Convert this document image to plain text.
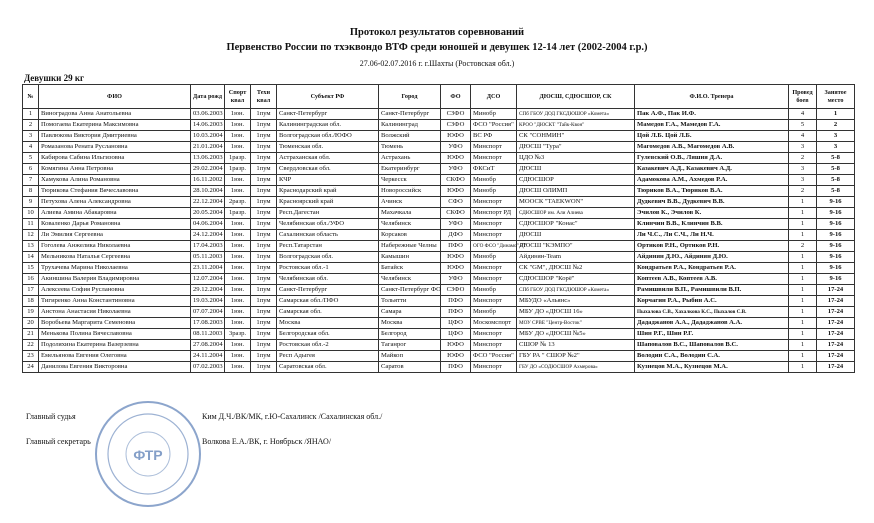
Протокол результатов соревнований
Первенство России по тхэквондо ВТФ среди юношей и девушек 12-14 лет (2002-2004 г.р.)
27.06-02.07.2016 г. г.Шахты (Ростовская обл.)
Девушки 29 кг
№	ФИО	Дата рожд	Спорт квал	Техн квал	Субъект РФ	Город	ФО	ДСО	ДЮСШ, СДЮСШОР, СК	Ф.И.О. Тренера	Провед боев	Занятое место
1	Виноградова Анна Анатольевна	03.06.2003	1юн.	1пум	Санкт-Петербург	Санкт-Петербург	СЗФО	Минобр	СПб ГБОУ ДОД ГКСДЮШОР «Комета»	Пак А.Ф., Пак И.Ф.	4	1
2	Помогаева Екатерина Максимовна	14.06.2003	1юн.	1пум	Калининградская обл.	Калининград	СЗФО	ФСО "Россия"	КРОО "ДЮСКТ "Тайк-Квон"	Мамедов Г.А., Мамедов Г.А.	5	2
3	Павлюкова Виктория Дмитриевна	10.03.2004	1юн.	1пум	Волгоградская обл./ЮФО	Волжский	ЮФО	ВС РФ	СК "СОНМИН"	Цой Л.Б. Цой Л.Б.	4	3
4	Ромазанова Рената Руслановна	21.01.2004	1юн.	1пум	Тюменская обл.	Тюмень	УФО	Минспорт	ДЮСШ "Тура"	Магомедов А.В., Магомедов А.В.	3	3
5	Кабирова Сабина Ильгизовна	13.06.2003	1разр.	1пум	Астраханская обл.	Астрахань	ЮФО	Минспорт	ЦДО №3	Гулевский О.В., Ляшня Д.А.	2	5-8
6	Комягина Анна Петровна	29.02.2004	1разр.	1пум	Свердловская обл.	Екатеринбург	УФО	ФКСиТ	ДЮСШ	Казакевич А.Д., Казакевич А.Д.	3	5-8
7	Хамукова Алина Романовна	16.11.2002	1юн.	1пум	КЧР	Черкесск	СКФО	Минобр	СДЮСШОР	Адамокова А.М., Ахмедов Р.А.	3	5-8
8	Тюрикова Стефания Вячеславовна	28.10.2004	1юн.	1пум	Краснодарский край	Новороссийск	ЮФО	Минобр	ДЮСШ ОЛИМП	Тюриков В.А., Тюриков В.А.	2	5-8
9	Петухова Алена Александровна	22.12.2004	2разр.	1пум	Красноярский край	Ачинск	СФО	Минспорт	МООСК "TAEKWON"	Дудкевич В.В., Дудкевич В.В.	1	9-16
10	Алиева Амина Абакаровна	20.05.2004	1разр.	1пум	Респ.Дагестан	Махачкала	СКФО	Минспорт РД	СДЮСШОР им. Али Алиева	Эчилов К., Эчилов К.	1	9-16
11	Коваленко Дарья Романовна	04.06.2004	1юн.	1пум	Челябинская обл./УФО	Челябинск	УФО	Минспорт	СДЮСШОР "Конас"	Клинчин В.В., Клинчин В.В.	1	9-16
12	Ли Эмилия Сергеевна	24.12.2004	1юн.	1пум	Сахалинская область	Корсаков	ДФО	Минспорт	ДЮСШ	Ли Ч.С., Ли С.Ч., Ли Н.Ч.	1	9-16
13	Гоголева Анжелика Николаевна	17.04.2003	1юн.	1пум	Респ.Татарстан	Набережные Челны	ПФО	ОГО ФСО "Динамо" РТ	ДЮСШ "КЭМПО"	Ортиков Р.Н., Ортиков Р.Н.	2	9-16
14	Мельникова Наталья Сергеевна	05.11.2003	1юн.	1пум	Волгоградская обл.	Камышин	ЮФО	Минобр	Айдинян-Team	Айдинян Д.Ю., Айдинян Д.Ю.	1	9-16
15	Трухачева Марина Николаевна	23.11.2004	1юн.	1пум	Ростовская обл.-1	Батайск	ЮФО	Минспорт	СК "GM", ДЮСШ №2	Кондратьев Р.А., Кондратьев Р.А.	1	9-16
16	Акиншина Валерия Владимировна	12.07.2004	1юн.	1пум	Челябинская обл.	Челябинск	УФО	Минспорт	СДЮСШОР "Корё"	Коптеев А.В., Коптеев А.В.	1	9-16
17	Алексеева София Руслановна	29.12.2004	1юн.	1пум	Санкт-Петербург	Санкт-Петербург ФО	СЗФО	Минобр	СПб ГБОУ ДОД ГКСДЮШОР «Комета»	Рамишвили В.П., Рамишвили В.П.	1	17-24
18	Тигиренко Анна Константиновна	19.03.2004	1юн.	1пум	Самарская обл./ПФО	Тольятти	ПФО	Минспорт	МБУДО «Альянс»	Корчагин Р.А., Рыбин А.С.	1	17-24
19	Анстона Анастасия Николаевна	07.07.2004	1юн.	1пум	Самарская обл.	Самара	ПФО	Минобр	МБУ ДО «ДЮСШ 16»	Пыхалова С.В., Хахалкова К.С., Пыхалов С.В.	1	17-24
20	Воробьева Маргарита Семеновна	17.08.2003	1юн.	1пум	Москва	Москва	ЦФО	Москомспорт	МОУ СРВЕ "Центр-Восток"	Дададжанов А.А., Дададжанов А.А.	1	17-24
21	Менькова Полина Вячеславовна	08.11.2003	3разр.	1пум	Белгородская обл.	Белгород	ЦФО	Минспорт	МБУ ДО «ДЮСШ №5»	Шин Р.Г., Шин Р.Г.	1	17-24
22	Подоляхина Екатерина Вазерзевна	27.08.2004	1юн.	1пум	Ростовская обл.-2	Таганрог	ЮФО	Минспорт	СШОР № 13	Шаповалов В.С., Шаповалов В.С.	1	17-24
23	Емельянова Евгения Олеговна	24.11.2004	1юн.	1пум	Респ Адыгея	Майкоп	ЮФО	ФСО "Россия"	ГБУ РА " СШОР №2"	Володин С.А., Володин С.А.	1	17-24
24	Данилова Евгения Викторовна	07.02.2003	1юн.	1пум	Саратовская обл.	Саратов	ПФО	Минспорт	ГБУ ДО «СОДЮСШОР Ахмерова»	Кузнецов М.А., Кузнецов М.А.	1	17-24
ФТР
Главный судья	Ким Д.Ч./ВК/МК, г.Ю-Сахалинск /Сахалинская обл./
Главный секретарь	Волкова Е.А./ВК, г. Ноябрьск /ЯНАО/
